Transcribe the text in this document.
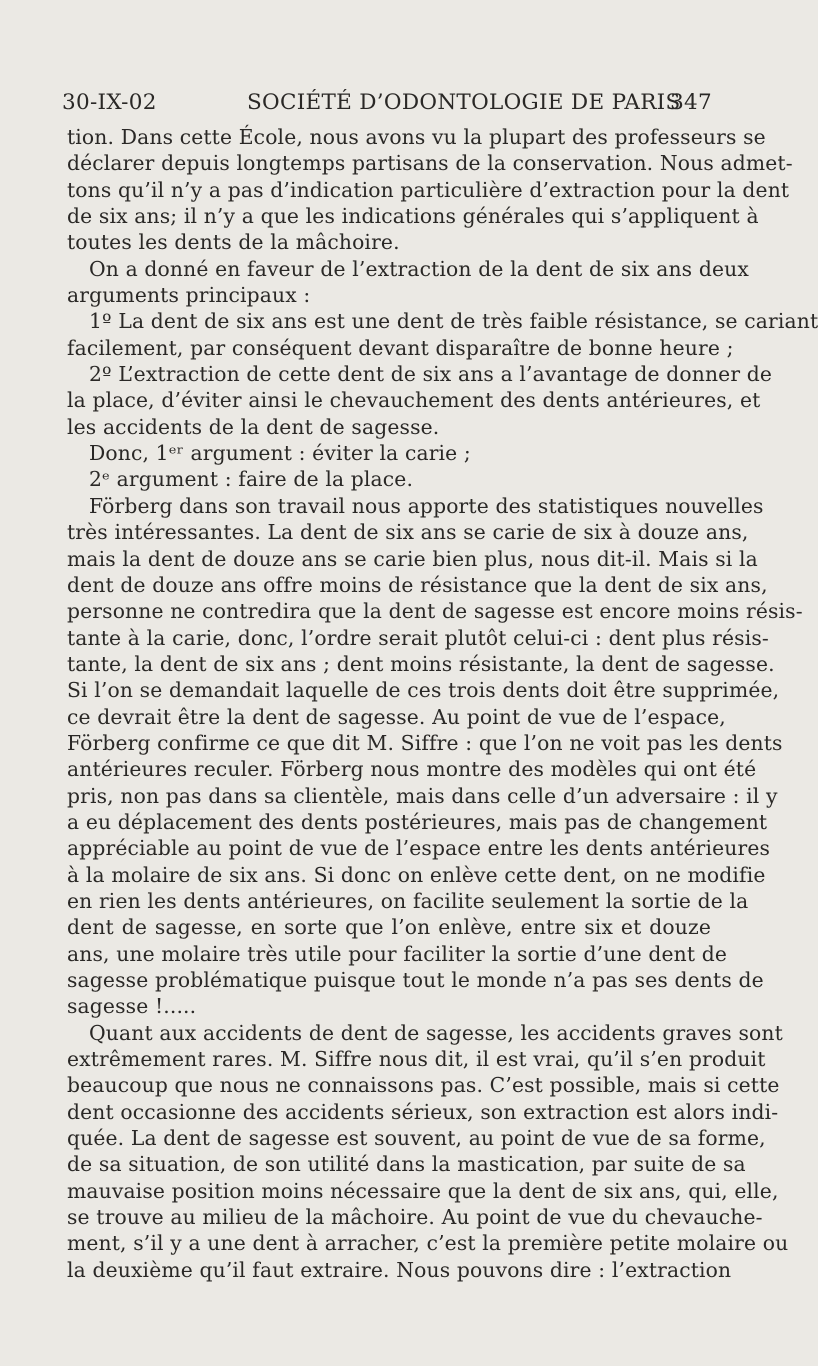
30-IX-02	SOCIÉTÉ D’ODONTOLOGIE DE PARIS
347
tion. Dans cette École, nous avons vu la plupart des professeurs se
déclarer depuis longtemps partisans de la conservation. Nous admet-
tons qu’il n’y a pas d’indication particulière d’extraction pour la dent
de six ans; il n’y a que les indications générales qui s’appliquent à
toutes les dents de la mâchoire.
On a donné en faveur de l’extraction de la dent de six ans deux
arguments principaux :
1º La dent de six ans est une dent de très faible résistance, se cariant
facilement, par conséquent devant disparaître de bonne heure ;
2º L’extraction de cette dent de six ans a l’avantage de donner de
la place, d’éviter ainsi le chevauchement des dents antérieures, et
les accidents de la dent de sagesse.
Donc, 1ᵉʳ argument : éviter la carie ;
2ᵉ argument : faire de la place.
Förberg dans son travail nous apporte des statistiques nouvelles
très intéressantes. La dent de six ans se carie de six à douze ans,
mais la dent de douze ans se carie bien plus, nous dit-il. Mais si la
dent de douze ans offre moins de résistance que la dent de six ans,
personne ne contredira que la dent de sagesse est encore moins résis-
tante à la carie, donc, l’ordre serait plutôt celui-ci : dent plus résis-
tante, la dent de six ans ; dent moins résistante, la dent de sagesse.
Si l’on se demandait laquelle de ces trois dents doit être supprimée,
ce devrait être la dent de sagesse. Au point de vue de l’espace,
Förberg confirme ce que dit M. Siffre : que l’on ne voit pas les dents
antérieures reculer. Förberg nous montre des modèles qui ont été
pris, non pas dans sa clientèle, mais dans celle d’un adversaire : il y
a eu déplacement des dents postérieures, mais pas de changement
appréciable au point de vue de l’espace entre les dents antérieures
à la molaire de six ans. Si donc on enlève cette dent, on ne modifie
en rien les dents antérieures, on facilite seulement la sortie de la
dent de sagesse, en sorte que l’on enlève, entre six et douze
ans, une molaire très utile pour faciliter la sortie d’une dent de
sagesse problématique puisque tout le monde n’a pas ses dents de
sagesse !.....
Quant aux accidents de dent de sagesse, les accidents graves sont
extrêmement rares. M. Siffre nous dit, il est vrai, qu’il s’en produit
beaucoup que nous ne connaissons pas. C’est possible, mais si cette
dent occasionne des accidents sérieux, son extraction est alors indi-
quée. La dent de sagesse est souvent, au point de vue de sa forme,
de sa situation, de son utilité dans la mastication, par suite de sa
mauvaise position moins nécessaire que la dent de six ans, qui, elle,
se trouve au milieu de la mâchoire. Au point de vue du chevauche-
ment, s’il y a une dent à arracher, c’est la première petite molaire ou
la deuxième qu’il faut extraire. Nous pouvons dire : l’extraction
